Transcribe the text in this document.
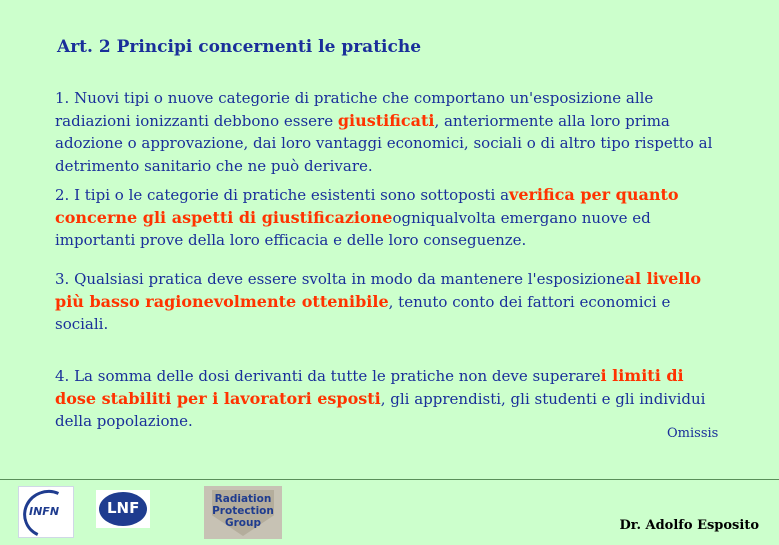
Art. 2 Principi concernenti le pratiche

1. Nuovi tipi o nuove categorie di pratiche che comportano un'esposizione alle radiazioni ionizzanti debbono essere giustificati, anteriormente alla loro prima adozione o approvazione, dai loro vantaggi economici, sociali o di altro tipo rispetto al detrimento sanitario che ne può derivare.

2. I tipi o le categorie di pratiche esistenti sono sottoposti averifica per quanto concerne gli aspetti di giustificazioneogniqualvolta emergano nuove ed importanti prove della loro efficacia e delle loro conseguenze.

3. Qualsiasi pratica deve essere svolta in modo da mantenere l'esposizioneal livello più basso ragionevolmente ottenibile, tenuto conto dei fattori economici e sociali.

4. La somma delle dosi derivanti da tutte le pratiche non deve superarei limiti di dose stabiliti per i lavoratori esposti, gli apprendisti, gli studenti e gli individui della popolazione.

Omissis
INFN	LNF	Radiation Protection Group	Dr. Adolfo Esposito
